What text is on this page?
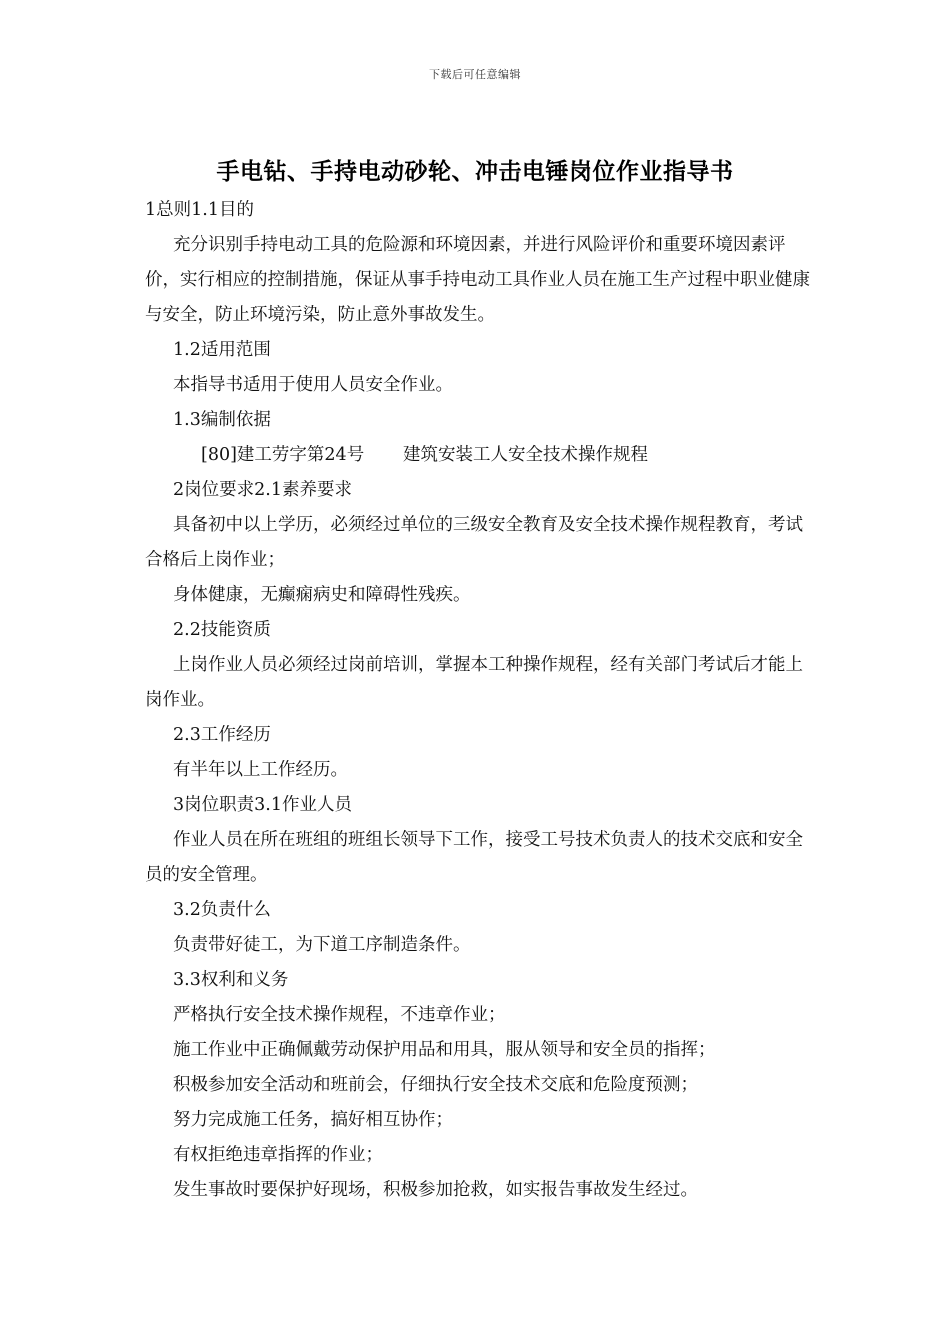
下载后可任意编辑
手电钻、手持电动砂轮、冲击电锤岗位作业指导书

1总则1.1目的

充分识别手持电动工具的危险源和环境因素，并进行风险评价和重要环境因素评价，实行相应的控制措施，保证从事手持电动工具作业人员在施工生产过程中职业健康与安全，防止环境污染，防止意外事故发生。

1.2适用范围

本指导书适用于使用人员安全作业。

1.3编制依据

[80]建工劳字第24号 建筑安装工人安全技术操作规程

2岗位要求2.1素养要求

具备初中以上学历，必须经过单位的三级安全教育及安全技术操作规程教育，考试合格后上岗作业；

身体健康，无癫痫病史和障碍性残疾。

2.2技能资质

上岗作业人员必须经过岗前培训，掌握本工种操作规程，经有关部门考试后才能上岗作业。

2.3工作经历

有半年以上工作经历。

3岗位职责3.1作业人员

作业人员在所在班组的班组长领导下工作，接受工号技术负责人的技术交底和安全员的安全管理。

3.2负责什么

负责带好徒工，为下道工序制造条件。

3.3权利和义务

严格执行安全技术操作规程，不违章作业；

施工作业中正确佩戴劳动保护用品和用具，服从领导和安全员的指挥；

积极参加安全活动和班前会，仔细执行安全技术交底和危险度预测；

努力完成施工任务，搞好相互协作；

有权拒绝违章指挥的作业；

发生事故时要保护好现场，积极参加抢救，如实报告事故发生经过。
